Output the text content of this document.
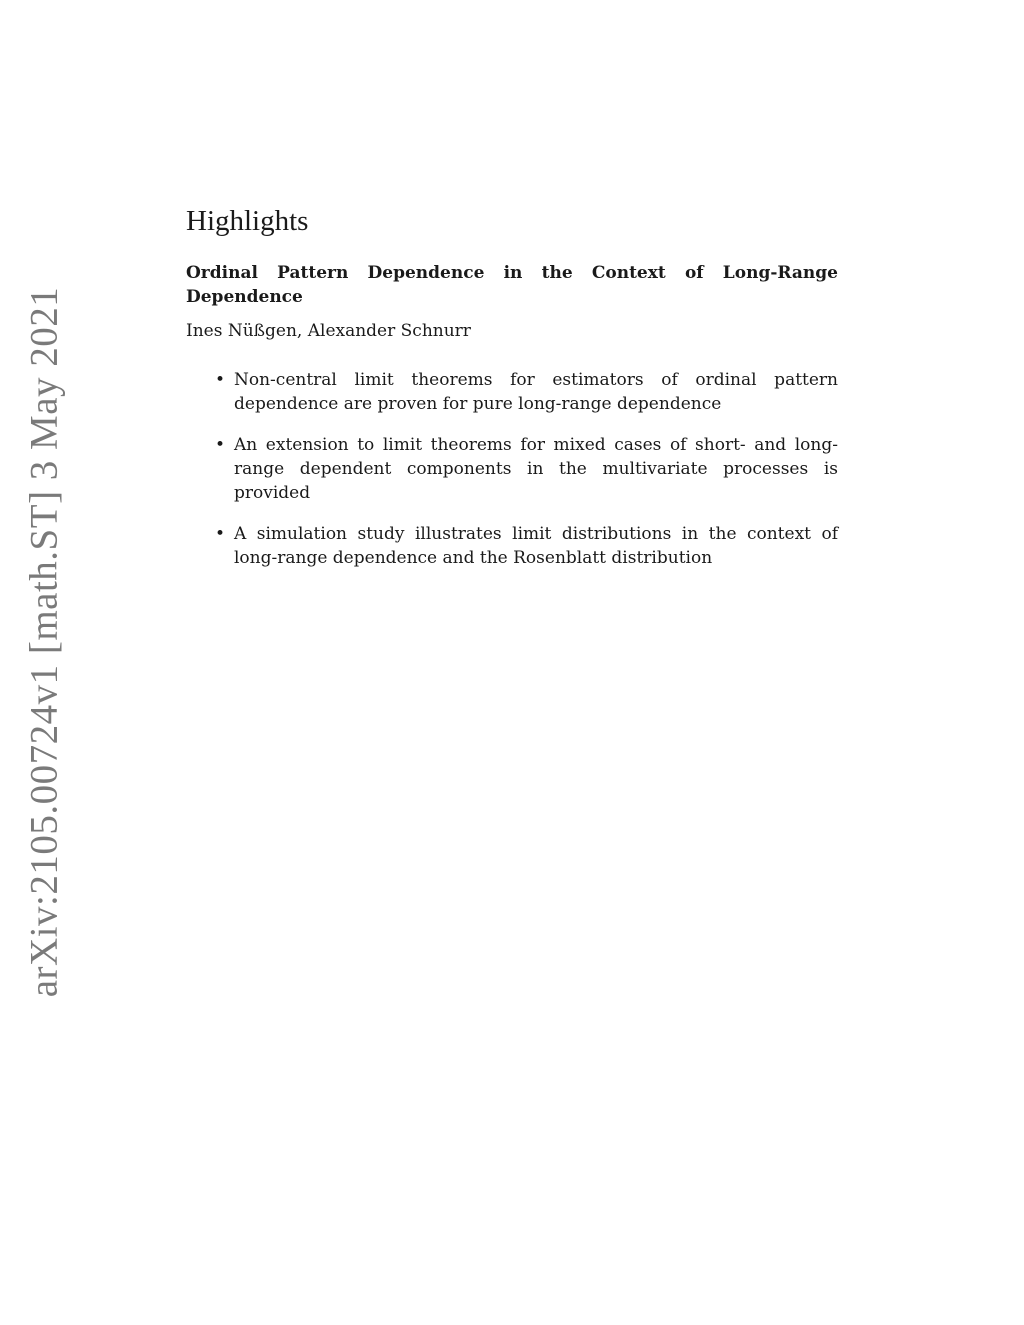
arXiv:2105.00724v1 [math.ST] 3 May 2021
Highlights
Ordinal Pattern Dependence in the Context of Long-Range Dependence

Ines Nüßgen, Alexander Schnurr

• Non-central limit theorems for estimators of ordinal pattern dependence are proven for pure long-range dependence
• An extension to limit theorems for mixed cases of short- and long-range dependent components in the multivariate processes is provided
• A simulation study illustrates limit distributions in the context of long-range dependence and the Rosenblatt distribution
